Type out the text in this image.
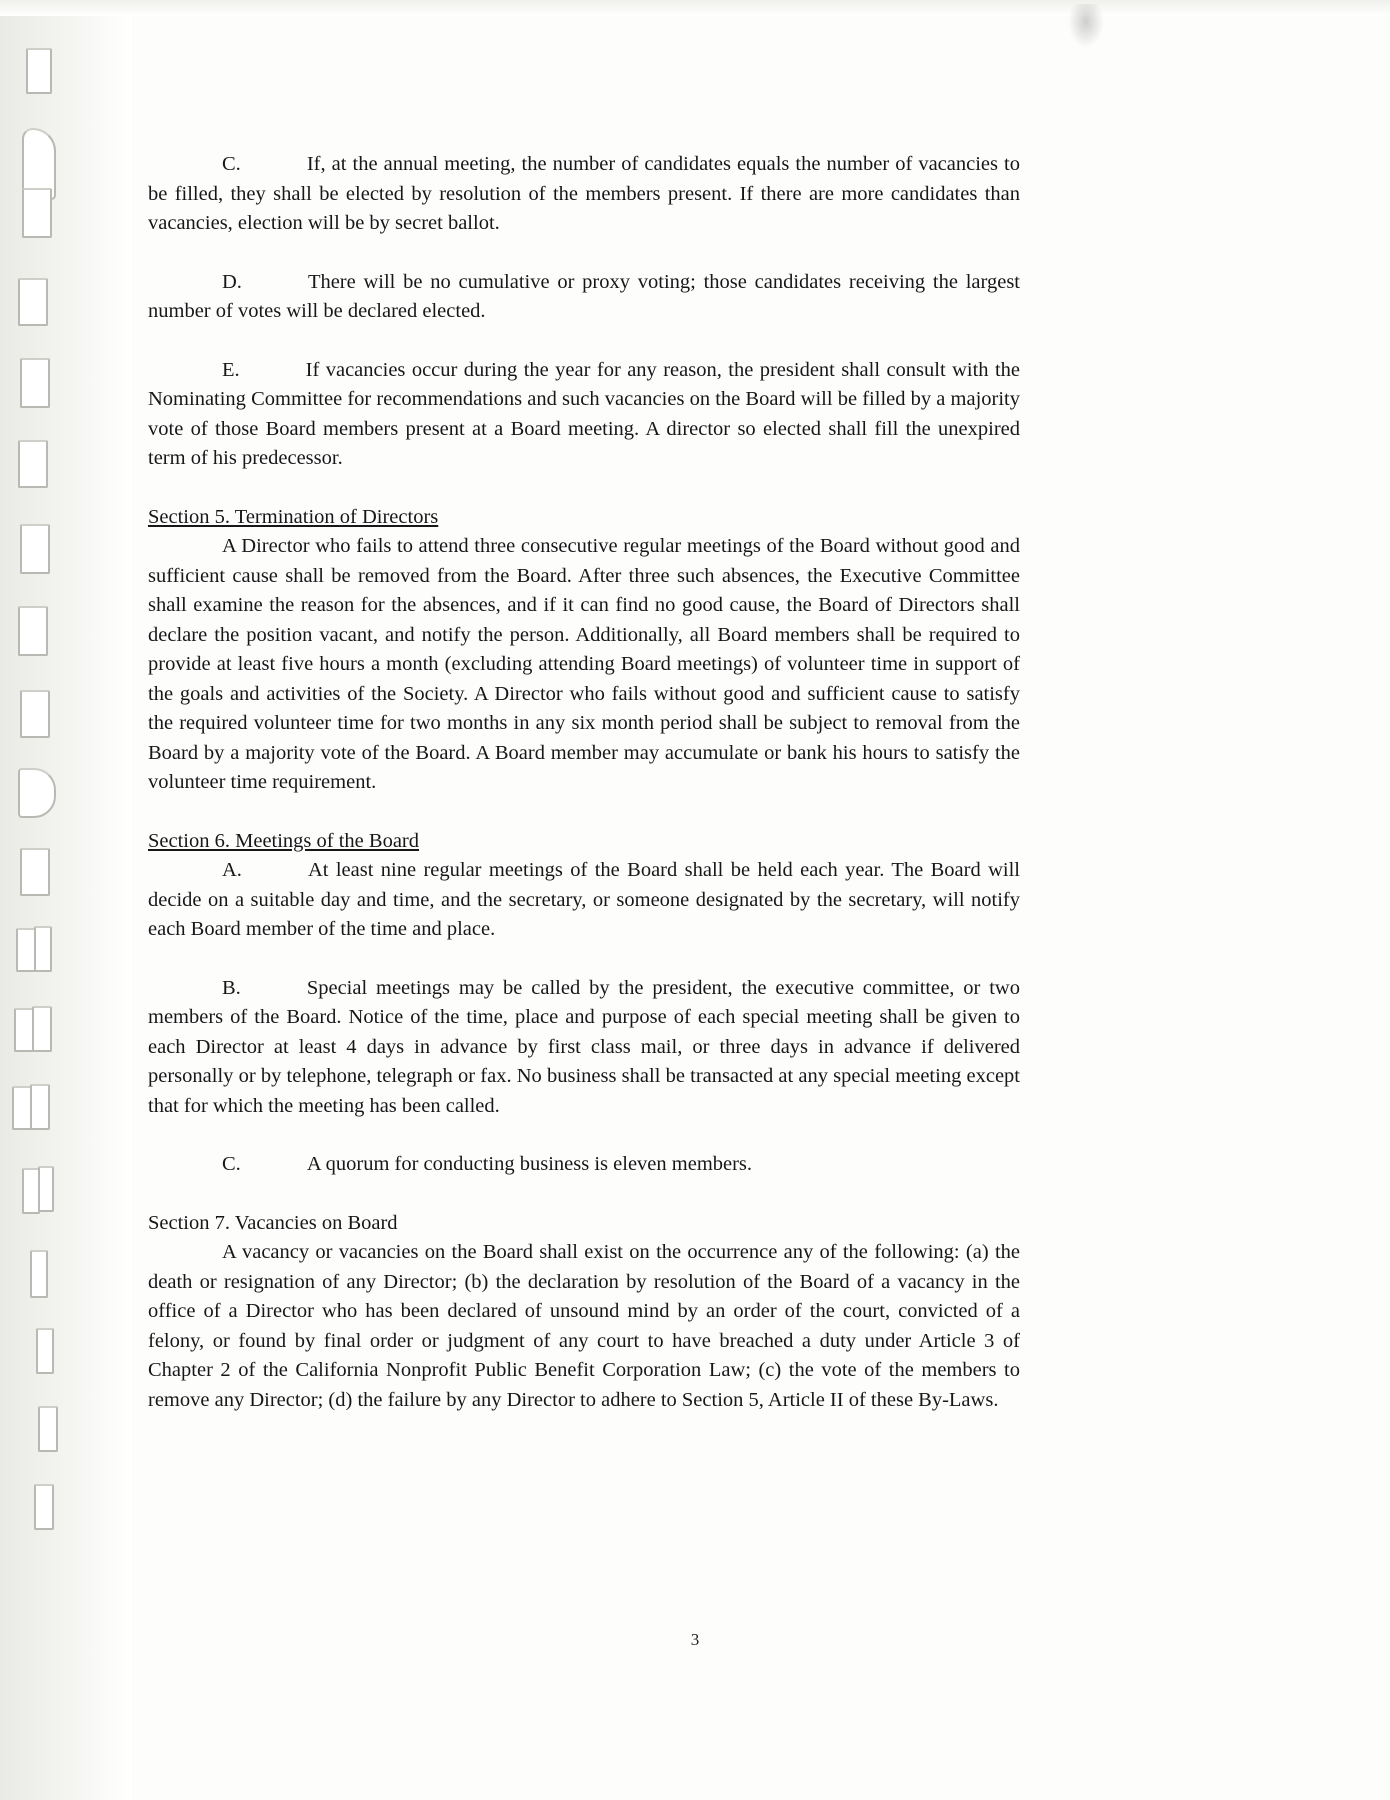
C.	If, at the annual meeting, the number of candidates equals the number of vacancies to be filled, they shall be elected by resolution of the members present. If there are more candidates than vacancies, election will be by secret ballot.

D.	There will be no cumulative or proxy voting; those candidates receiving the largest number of votes will be declared elected.

E.	If vacancies occur during the year for any reason, the president shall consult with the Nominating Committee for recommendations and such vacancies on the Board will be filled by a majority vote of those Board members present at a Board meeting. A director so elected shall fill the unexpired term of his predecessor.

Section 5. Termination of Directors

A Director who fails to attend three consecutive regular meetings of the Board without good and sufficient cause shall be removed from the Board. After three such absences, the Executive Committee shall examine the reason for the absences, and if it can find no good cause, the Board of Directors shall declare the position vacant, and notify the person. Additionally, all Board members shall be required to provide at least five hours a month (excluding attending Board meetings) of volunteer time in support of the goals and activities of the Society. A Director who fails without good and sufficient cause to satisfy the required volunteer time for two months in any six month period shall be subject to removal from the Board by a majority vote of the Board. A Board member may accumulate or bank his hours to satisfy the volunteer time requirement.

Section 6. Meetings of the Board

A.	At least nine regular meetings of the Board shall be held each year. The Board will decide on a suitable day and time, and the secretary, or someone designated by the secretary, will notify each Board member of the time and place.

B.	Special meetings may be called by the president, the executive committee, or two members of the Board. Notice of the time, place and purpose of each special meeting shall be given to each Director at least 4 days in advance by first class mail, or three days in advance if delivered personally or by telephone, telegraph or fax. No business shall be transacted at any special meeting except that for which the meeting has been called.

C.	A quorum for conducting business is eleven members.

Section 7. Vacancies on Board

A vacancy or vacancies on the Board shall exist on the occurrence any of the following: (a) the death or resignation of any Director; (b) the declaration by resolution of the Board of a vacancy in the office of a Director who has been declared of unsound mind by an order of the court, convicted of a felony, or found by final order or judgment of any court to have breached a duty under Article 3 of Chapter 2 of the California Nonprofit Public Benefit Corporation Law; (c) the vote of the members to remove any Director; (d) the failure by any Director to adhere to Section 5, Article II of these By-Laws.

3
